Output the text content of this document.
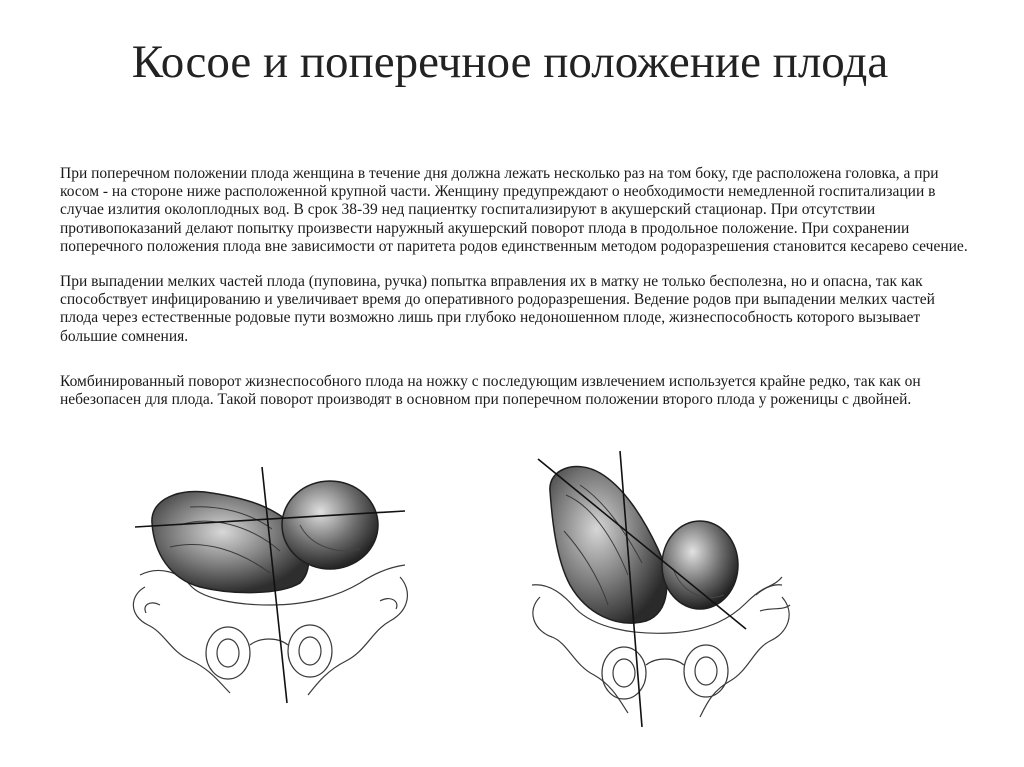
Косое и поперечное положение плода

При поперечном положении плода женщина в течение дня должна лежать несколько раз на том боку, где расположена головка, а при косом - на стороне ниже расположенной крупной части. Женщину предупреждают о необходимости немедленной госпитализации в случае излития околоплодных вод. В срок 38-39 нед пациентку госпитализируют в акушерский стационар. При отсутствии противопоказаний делают попытку произвести наружный акушерский поворот плода в продольное положение. При сохранении поперечного положения плода вне зависимости от паритета родов единственным методом родоразрешения становится кесарево сечение.

При выпадении мелких частей плода (пуповина, ручка) попытка вправления их в матку не только бесполезна, но и опасна, так как способствует инфицированию и увеличивает время до оперативного родоразрешения. Ведение родов при выпадении мелких частей плода через естественные родовые пути возможно лишь при глубоко недоношенном плоде, жизнеспособность которого вызывает большие сомнения.

Комбинированный поворот жизнеспособного плода на ножку с последующим извлечением используется крайне редко, так как он небезопасен для плода. Такой поворот производят в основном при поперечном положении второго плода у роженицы с двойней.
